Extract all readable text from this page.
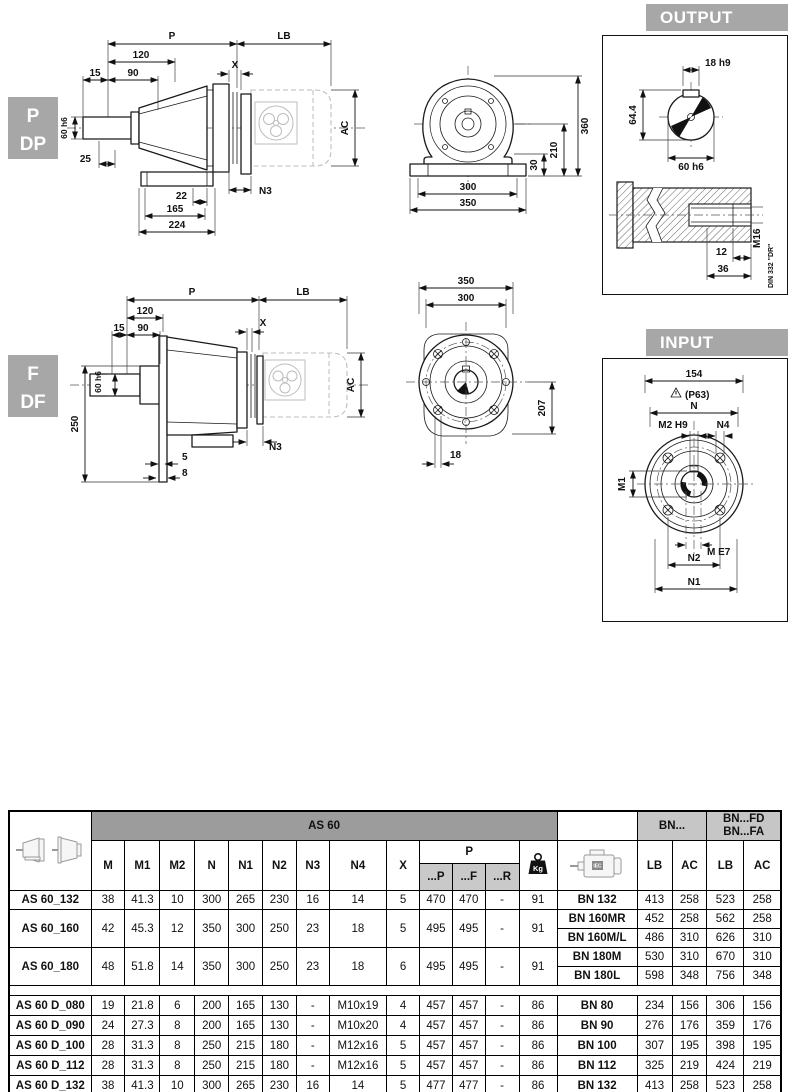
P
DP
P	LB
120
X
15	90
60 h6
25
22
165
224
N3
AC	360
210
30
300
350
OUTPUT
18 h9
64.4
60 h6
12
36
M16
DIN 332 "DR"
F
DF
P	LB
120
X
15 90
60 h6
250
5
8
N3
AC
350
300
207
18
INPUT
154
(P63)
N
M2 H9	N4
M1
M E7
N2
N1
	AS 60														BN...		BN...FD
BN...FA	

	M	M1	M2	N	N1	N2	N3	N4	X	P			Kg	IEC	LB	AC	LB	AC
										...P	...F	...R						
AS 60_132	38	41.3	10	300	265	230	16	14	5	470	470	-	91	BN 132	413	258	523	258
AS 60_160	42	45.3	12	350	300	250	23	18	5	495	495	-	91	BN 160MR	452	258	562	258
														BN 160M/L	486	310	626	310
AS 60_180	48	51.8	14	350	300	250	23	18	6	495	495	-	91	BN 180M	530	310	670	310
														BN 180L	598	348	756	348

AS 60 D_080	19	21.8	6	200	165	130	-	M10x19	4	457	457	-	86	BN 80	234	156	306	156
AS 60 D_090	24	27.3	8	200	165	130	-	M10x20	4	457	457	-	86	BN 90	276	176	359	176
AS 60 D_100	28	31.3	8	250	215	180	-	M12x16	5	457	457	-	86	BN 100	307	195	398	195
AS 60 D_112	28	31.3	8	250	215	180	-	M12x16	5	457	457	-	86	BN 112	325	219	424	219
AS 60 D_132	38	41.3	10	300	265	230	16	14	5	477	477	-	86	BN 132	413	258	523	258
